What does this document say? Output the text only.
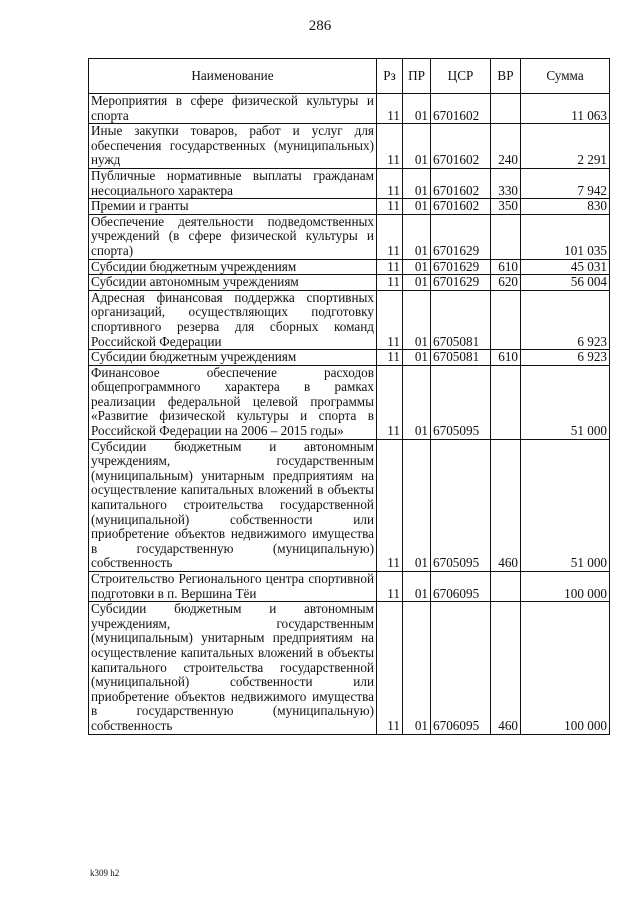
286
Наименование	Рз	ПР	ЦСР	ВР	Сумма
Мероприятия в сфере физической культуры и спорта	11	01	6701602		11 063
Иные закупки товаров, работ и услуг для обеспечения государственных (муниципальных) нужд	11	01	6701602	240	2 291
Публичные нормативные выплаты гражданам несоциального характера	11	01	6701602	330	7 942
Премии и гранты	11	01	6701602	350	830
Обеспечение деятельности подведомственных учреждений (в сфере физической культуры и спорта)	11	01	6701629		101 035
Субсидии бюджетным учреждениям	11	01	6701629	610	45 031
Субсидии автономным учреждениям	11	01	6701629	620	56 004
Адресная финансовая поддержка спортивных организаций, осуществляющих подготовку спортивного резерва для сборных команд Российской Федерации	11	01	6705081		6 923
Субсидии бюджетным учреждениям	11	01	6705081	610	6 923
Финансовое обеспечение расходов общепрограммного характера в рамках реализации федеральной целевой программы «Развитие физической культуры и спорта в Российской Федерации на 2006 – 2015 годы»	11	01	6705095		51 000
Субсидии бюджетным и автономным учреждениям, государственным (муниципальным) унитарным предприятиям на осуществление капитальных вложений в объекты капитального строительства государственной (муниципальной) собственности или приобретение объектов недвижимого имущества в государственную (муниципальную) собственность	11	01	6705095	460	51 000
Строительство Регионального центра спортивной подготовки в п. Вершина Тёи	11	01	6706095		100 000
Субсидии бюджетным и автономным учреждениям, государственным (муниципальным) унитарным предприятиям на осуществление капитальных вложений в объекты капитального строительства государственной (муниципальной) собственности или приобретение объектов недвижимого имущества в государственную (муниципальную) собственность	11	01	6706095	460	100 000
k309 h2
